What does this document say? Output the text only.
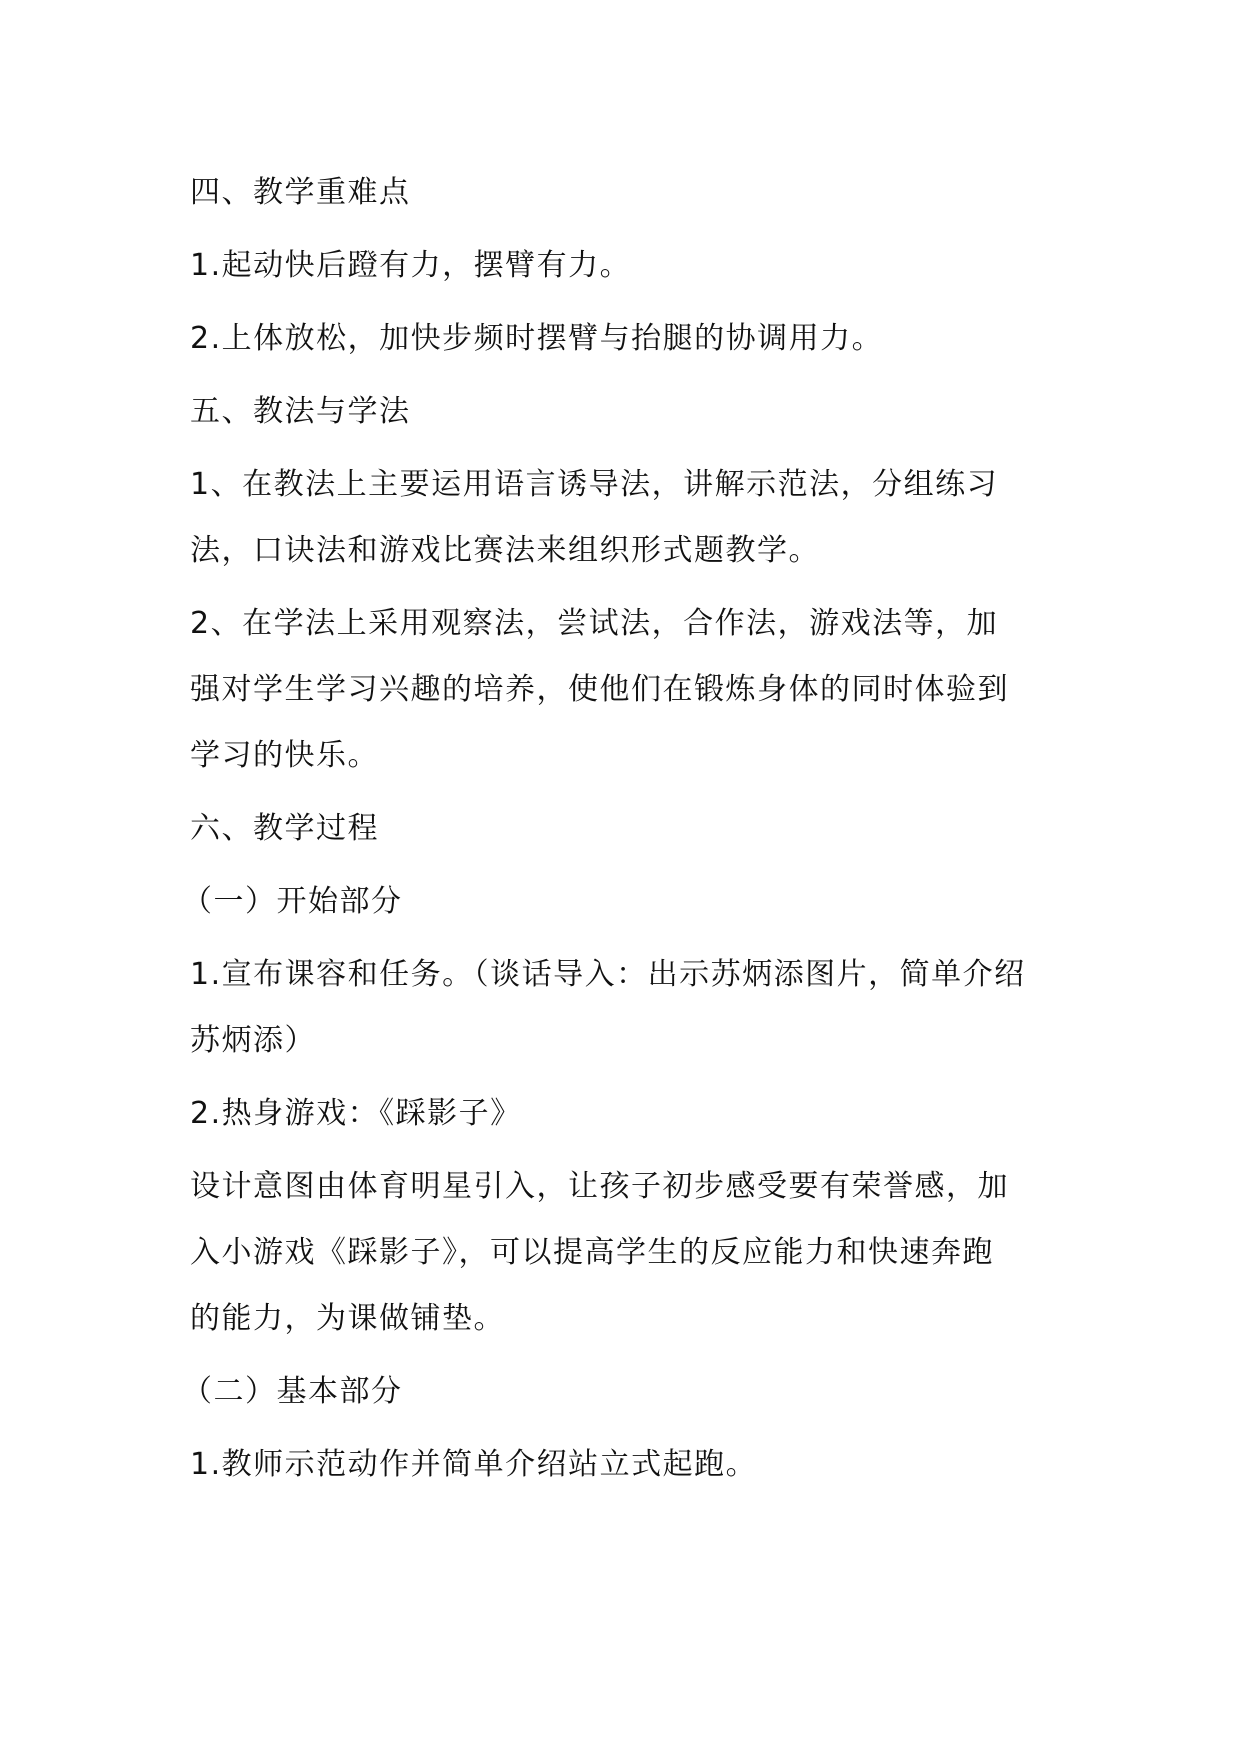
四、教学重难点

1.起动快后蹬有力，摆臂有力。

2.上体放松，加快步频时摆臂与抬腿的协调用力。

五、教法与学法

1、在教法上主要运用语言诱导法，讲解示范法，分组练习

法，口诀法和游戏比赛法来组织形式题教学。

2、在学法上采用观察法，尝试法，合作法，游戏法等，加

强对学生学习兴趣的培养，使他们在锻炼身体的同时体验到

学习的快乐。

六、教学过程

（一）开始部分

1.宣布课容和任务。（谈话导入：出示苏炳添图片，简单介绍

苏炳添）

2.热身游戏：《踩影子》

设计意图由体育明星引入，让孩子初步感受要有荣誉感，加

入小游戏《踩影子》，可以提高学生的反应能力和快速奔跑

的能力，为课做铺垫。

（二）基本部分

1.教师示范动作并简单介绍站立式起跑。
